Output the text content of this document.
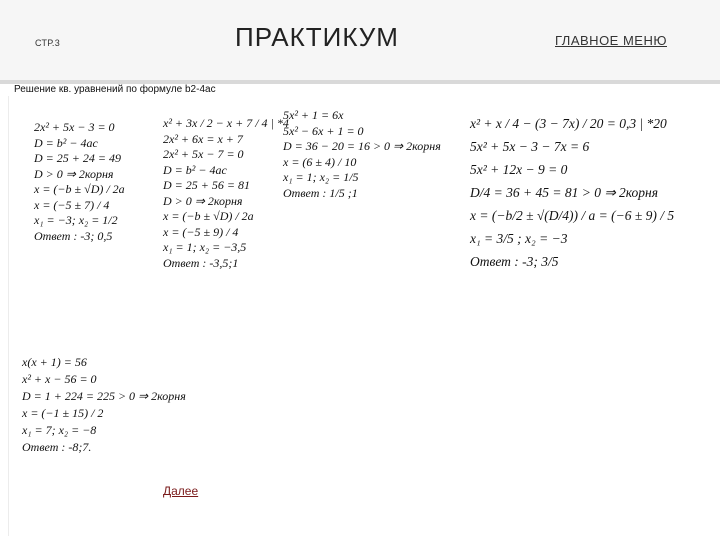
СТР.3	ПРАКТИКУМ	ГЛАВНОЕ МЕНЮ
Решение кв. уравнений по формуле b2-4ac
2x² + 5x − 3 = 0
D = b² − 4ac
D = 25 + 24 = 49
D > 0 ⇒ 2корня
x = (−b ± √D) / 2a
x = (−5 ± 7) / 4
x₁ = −3; x₂ = 1/2
Ответ : -3; 0,5
x² + 3x / 2 − x + 7 / 4 | *4
2x² + 6x = x + 7
2x² + 5x − 7 = 0
D = b² − 4ac
D = 25 + 56 = 81
D > 0 ⇒ 2корня
x = (−b ± √D) / 2a
x = (−5 ± 9) / 4
x₁ = 1; x₂ = −3,5
Ответ : -3,5;1
5x² + 1 = 6x
5x² − 6x + 1 = 0
D = 36 − 20 = 16 > 0 ⇒ 2корня
x = (6 ± 4) / 10
x₁ = 1; x₂ = 1/5
Ответ : 1/5 ;1
x² + x / 4 − (3 − 7x) / 20 = 0,3 | *20
5x² + 5x − 3 − 7x = 6
5x² + 12x − 9 = 0
D/4 = 36 + 45 = 81 > 0 ⇒ 2корня
x = (−b/2 ± √(D/4)) / a = (−6 ± 9) / 5
x₁ = 3/5 ; x₂ = −3
Ответ : -3; 3/5
x(x + 1) = 56
x² + x − 56 = 0
D = 1 + 224 = 225 > 0 ⇒ 2корня
x = (−1 ± 15) / 2
x₁ = 7; x₂ = −8
Ответ : -8;7.
Далее
